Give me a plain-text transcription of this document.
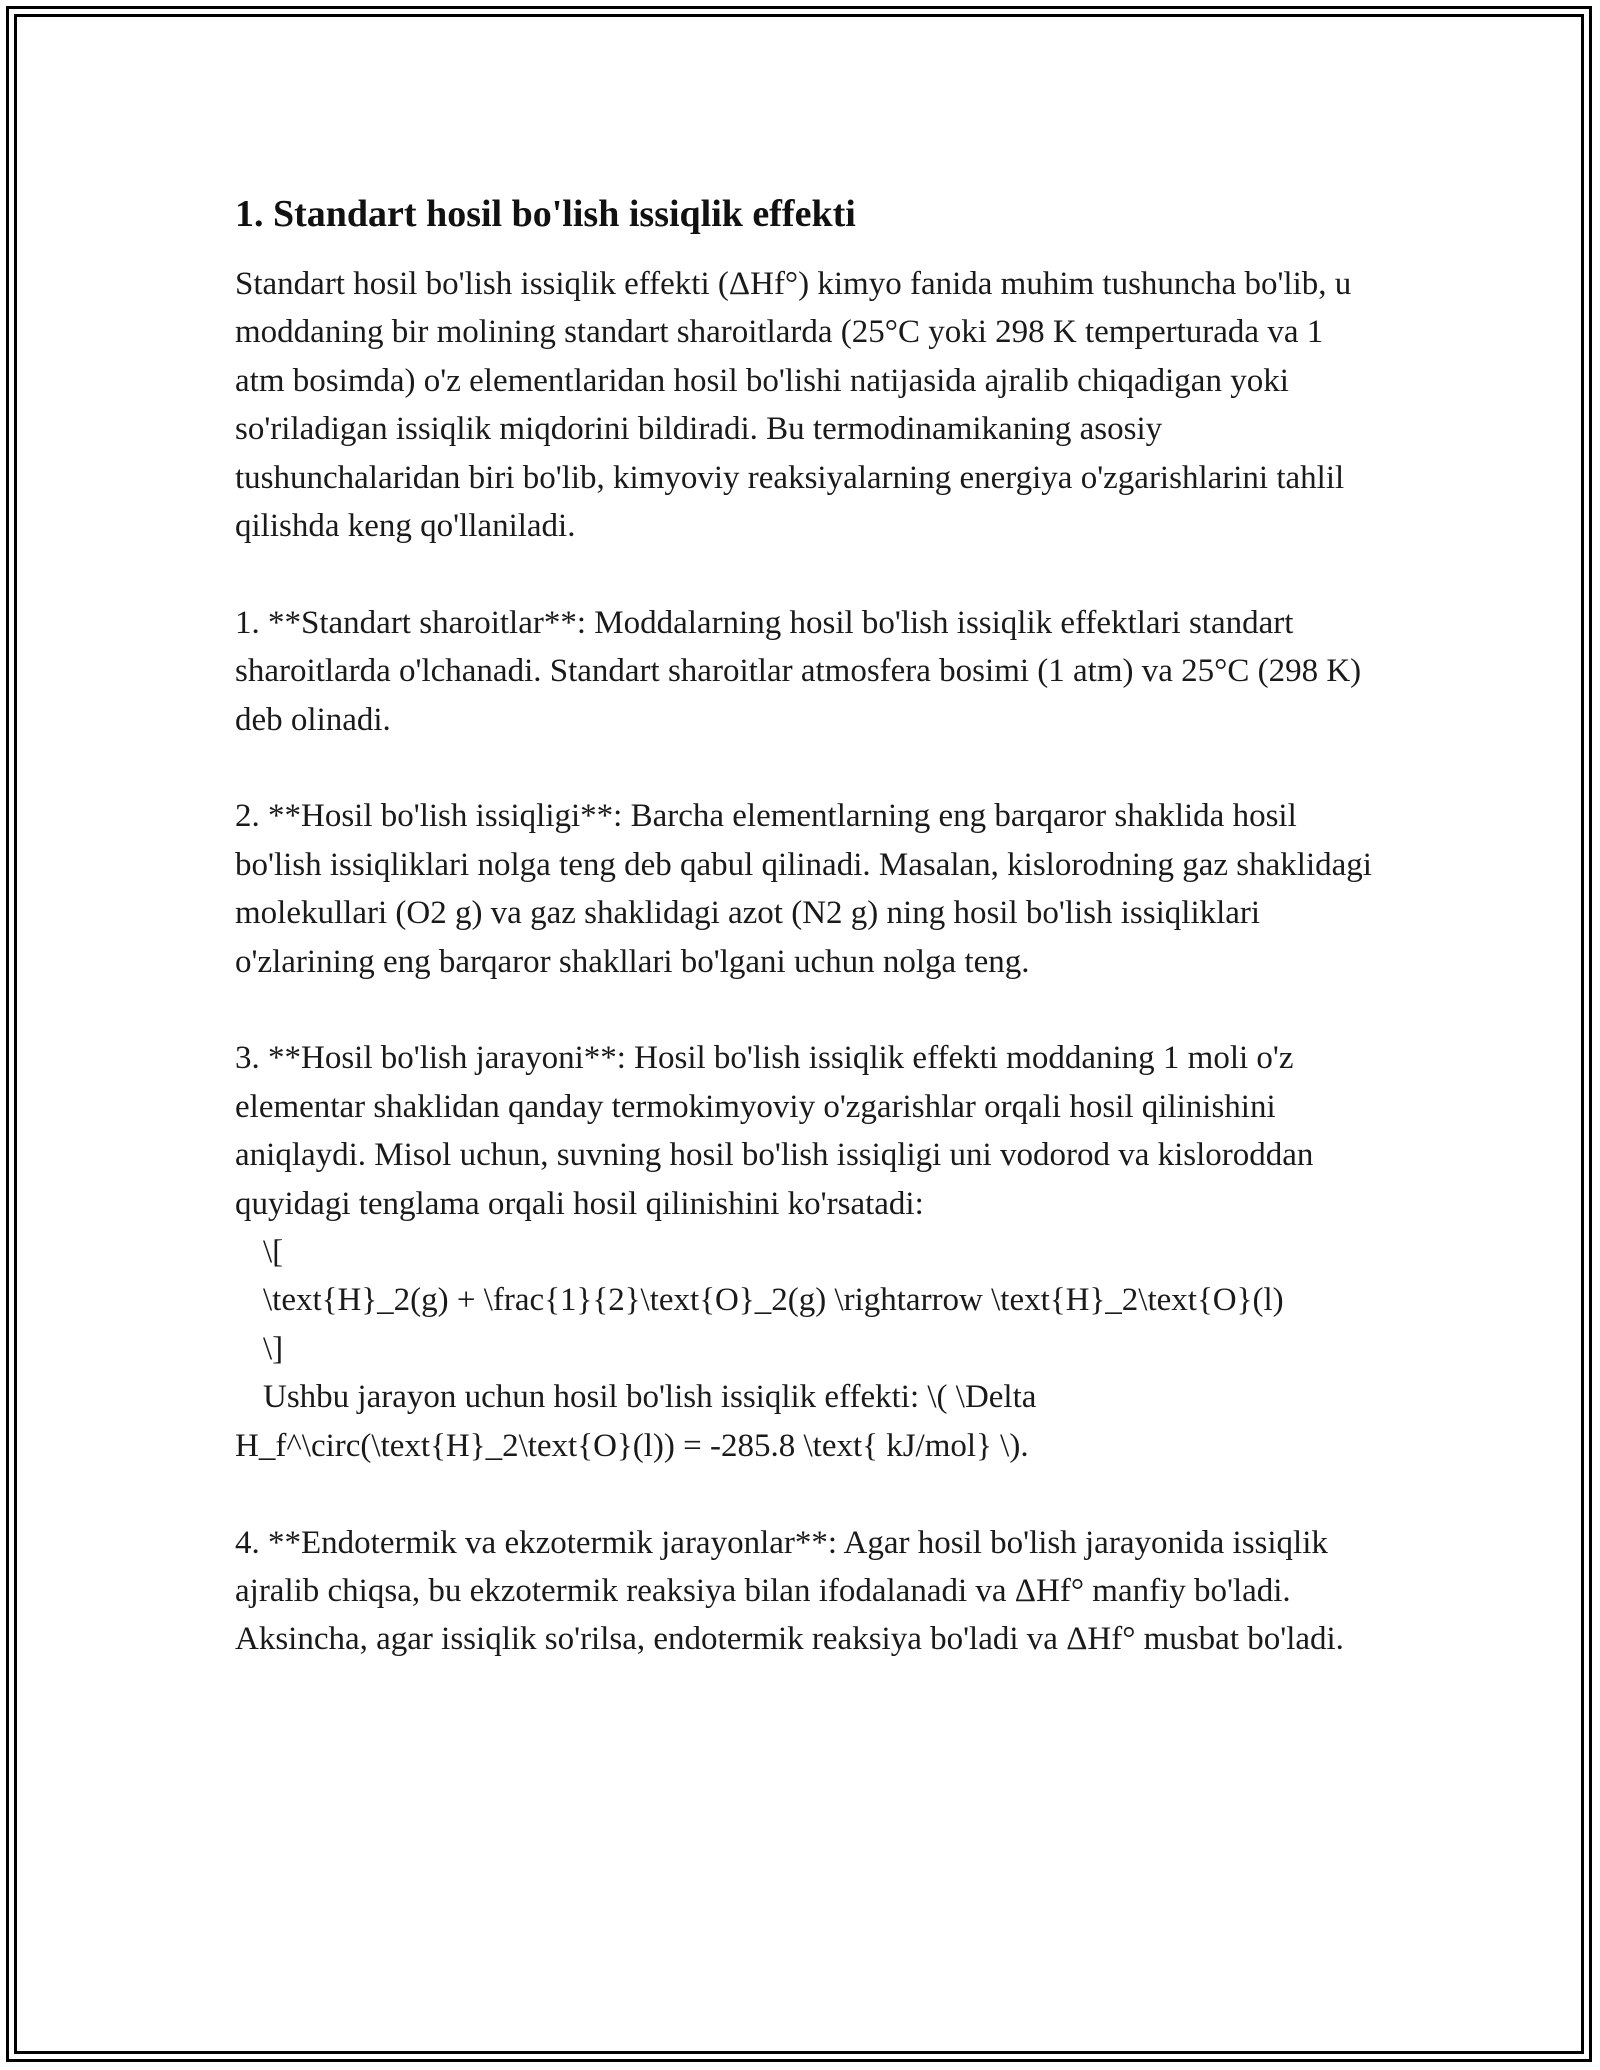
1. Standart hosil bo'lish issiqlik effekti

Standart hosil bo'lish issiqlik effekti (ΔHf°) kimyo fanida muhim tushuncha bo'lib, u moddaning bir molining standart sharoitlarda (25°C yoki 298 K temperturada va 1 atm bosimda) o'z elementlaridan hosil bo'lishi natijasida ajralib chiqadigan yoki so'riladigan issiqlik miqdorini bildiradi. Bu termodinamikaning asosiy tushunchalaridan biri bo'lib, kimyoviy reaksiyalarning energiya o'zgarishlarini tahlil qilishda keng qo'llaniladi.

1. **Standart sharoitlar**: Moddalarning hosil bo'lish issiqlik effektlari standart sharoitlarda o'lchanadi. Standart sharoitlar atmosfera bosimi (1 atm) va 25°C (298 K) deb olinadi.

2. **Hosil bo'lish issiqligi**: Barcha elementlarning eng barqaror shaklida hosil bo'lish issiqliklari nolga teng deb qabul qilinadi. Masalan, kislorodning gaz shaklidagi molekullari (O2 g) va gaz shaklidagi azot (N2 g) ning hosil bo'lish issiqliklari o'zlarining eng barqaror shakllari bo'lgani uchun nolga teng.

3. **Hosil bo'lish jarayoni**: Hosil bo'lish issiqlik effekti moddaning 1 moli o'z elementar shaklidan qanday termokimyoviy o'zgarishlar orqali hosil qilinishini aniqlaydi. Misol uchun, suvning hosil bo'lish issiqligi uni vodorod va kisloroddan quyidagi tenglama orqali hosil qilinishini ko'rsatadi:

\[

\text{H}_2(g) + \frac{1}{2}\text{O}_2(g) \rightarrow \text{H}_2\text{O}(l)

\]

Ushbu jarayon uchun hosil bo'lish issiqlik effekti: \( \Delta H_f^\circ(\text{H}_2\text{O}(l)) = -285.8 \text{ kJ/mol} \).

4. **Endotermik va ekzotermik jarayonlar**: Agar hosil bo'lish jarayonida issiqlik ajralib chiqsa, bu ekzotermik reaksiya bilan ifodalanadi va ΔHf° manfiy bo'ladi. Aksincha, agar issiqlik so'rilsa, endotermik reaksiya bo'ladi va ΔHf° musbat bo'ladi.
